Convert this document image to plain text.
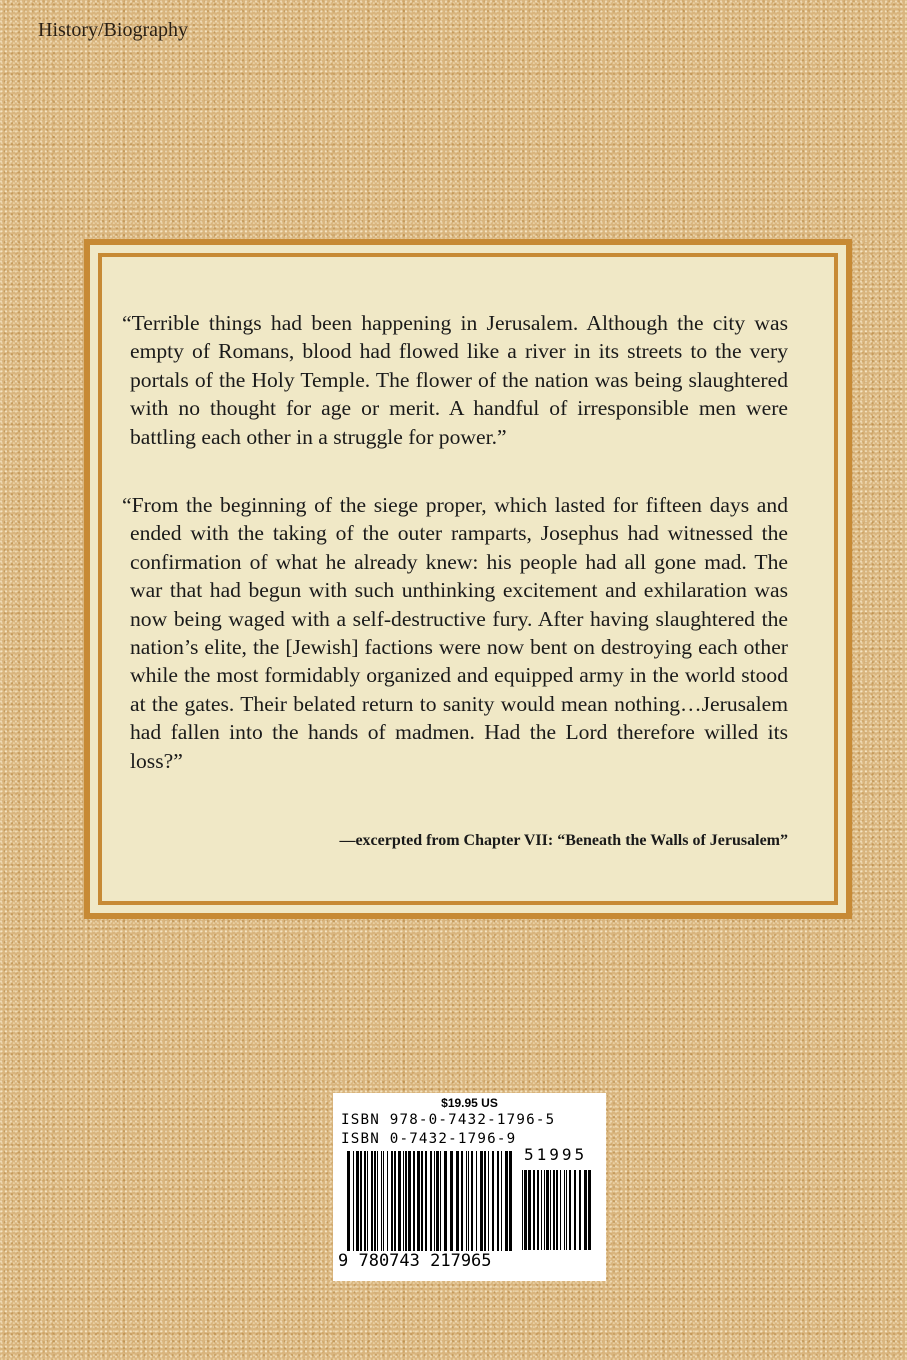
History/Biography

“Terrible things had been happening in Jerusalem. Although the city was empty of Romans, blood had flowed like a river in its streets to the very portals of the Holy Temple. The flower of the nation was being slaughtered with no thought for age or merit. A handful of irresponsible men were battling each other in a struggle for power.”

“From the beginning of the siege proper, which lasted for fifteen days and ended with the taking of the outer ramparts, Josephus had witnessed the confirmation of what he already knew: his people had all gone mad. The war that had begun with such unthinking excitement and exhilaration was now being waged with a self-destructive fury. After having slaughtered the nation’s elite, the [Jewish] factions were now bent on destroying each other while the most formidably organized and equipped army in the world stood at the gates. Their belated return to sanity would mean nothing…Jerusalem had fallen into the hands of madmen. Had the Lord therefore willed its loss?”

—excerpted from Chapter VII: “Beneath the Walls of Jerusalem”

$19.95 US
ISBN 978-0-7432-1796-5
ISBN 0-7432-1796-9
51995
9 780743 217965
